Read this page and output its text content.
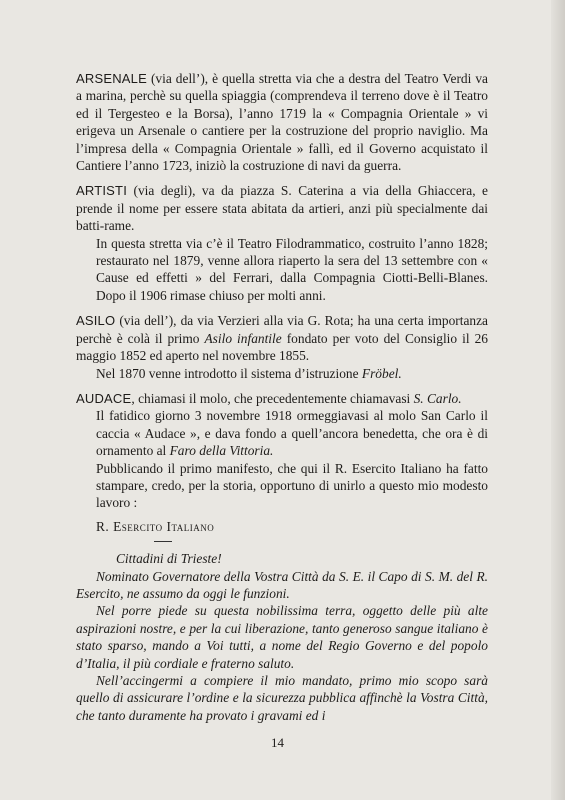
ARSENALE (via dell’), è quella stretta via che a destra del Teatro Verdi va a marina, perchè su quella spiaggia (comprendeva il terreno dove è il Teatro ed il Tergesteo e la Borsa), l’anno 1719 la « Compagnia Orientale » vi erigeva un Arsenale o cantiere per la costruzione del proprio naviglio. Ma l’impresa della « Compagnia Orientale » fallì, ed il Governo acquistato il Cantiere l’anno 1723, iniziò la costruzione di navi da guerra.

ARTISTI (via degli), va da piazza S. Caterina a via della Ghiaccera, e prende il nome per essere stata abitata da artieri, anzi più specialmente dai batti-rame.

In questa stretta via c’è il Teatro Filodrammatico, costruito l’anno 1828; restaurato nel 1879, venne allora riaperto la sera del 13 settembre con « Cause ed effetti » del Ferrari, dalla Compagnia Ciotti-Belli-Blanes. Dopo il 1906 rimase chiuso per molti anni.

ASILO (via dell’), da via Verzieri alla via G. Rota; ha una certa importanza perchè è colà il primo Asilo infantile fondato per voto del Consiglio il 26 maggio 1852 ed aperto nel novembre 1855.

Nel 1870 venne introdotto il sistema d’istruzione Fröbel.

AUDACE, chiamasi il molo, che precedentemente chiamavasi S. Carlo.

Il fatidico giorno 3 novembre 1918 ormeggiavasi al molo San Carlo il caccia « Audace », e dava fondo a quell’ancora benedetta, che ora è di ornamento al Faro della Vittoria.

Pubblicando il primo manifesto, che qui il R. Esercito Italiano ha fatto stampare, credo, per la storia, opportuno di unirlo a questo mio modesto lavoro :

R. Esercito Italiano

Cittadini di Trieste!

Nominato Governatore della Vostra Città da S. E. il Capo di S. M. del R. Esercito, ne assumo da oggi le funzioni.

Nel porre piede su questa nobilissima terra, oggetto delle più alte aspirazioni nostre, e per la cui liberazione, tanto generoso sangue italiano è stato sparso, mando a Voi tutti, a nome del Regio Governo e del popolo d’Italia, il più cordiale e fraterno saluto.

Nell’accingermi a compiere il mio mandato, primo mio scopo sarà quello di assicurare l’ordine e la sicurezza pubblica affinchè la Vostra Città, che tanto duramente ha provato i gravami ed i

14
